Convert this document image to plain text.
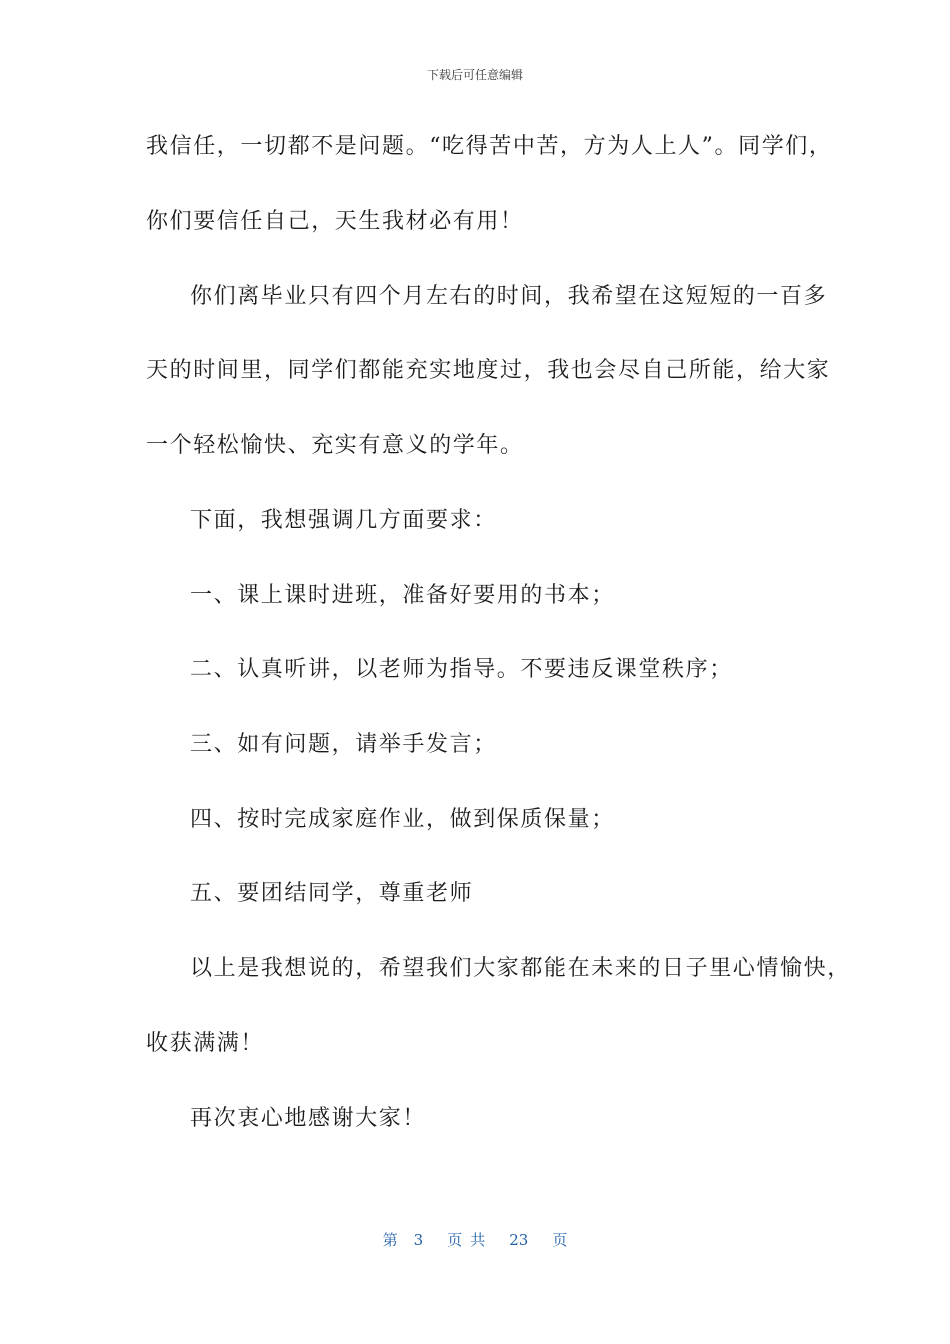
下载后可任意编辑
我信任，一切都不是问题。“吃得苦中苦，方为人上人”。同学们，
你们要信任自己，天生我材必有用！
你们离毕业只有四个月左右的时间，我希望在这短短的一百多
天的时间里，同学们都能充实地度过，我也会尽自己所能，给大家
一个轻松愉快、充实有意义的学年。
下面，我想强调几方面要求：
一、课上课时进班，准备好要用的书本；
二、认真听讲，以老师为指导。不要违反课堂秩序；
三、如有问题，请举手发言；
四、按时完成家庭作业，做到保质保量；
五、要团结同学，尊重老师
以上是我想说的，希望我们大家都能在未来的日子里心情愉快，
收获满满！
再次衷心地感谢大家！
第 3 页共 23 页
